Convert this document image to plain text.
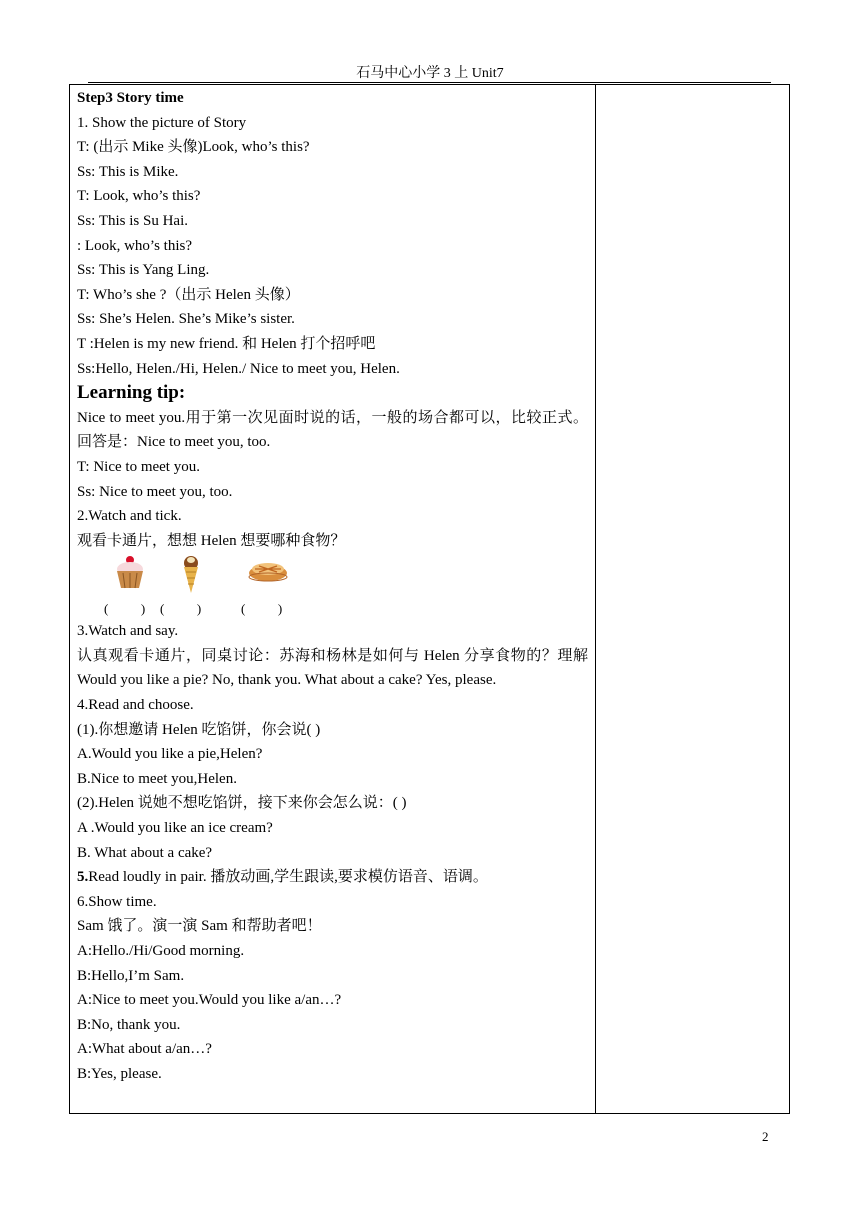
石马中心小学 3 上 Unit7
Step3 Story time
1. Show the picture of Story
T: (出示 Mike 头像)Look, who’s this?
Ss: This is Mike.
T: Look, who’s this?
Ss: This is Su Hai.
: Look, who’s this?
Ss: This is Yang Ling.
T: Who’s she ?（出示 Helen 头像）
Ss: She’s Helen. She’s Mike’s sister.
T :Helen is my new friend. 和 Helen 打个招呼吧
Ss:Hello, Helen./Hi, Helen./ Nice to meet you, Helen.
Learning tip:
Nice to meet you.用于第一次见面时说的话，一般的场合都可以，比较正式。回答是：Nice to meet you, too.
T: Nice to meet you.
Ss: Nice to meet you, too.
2.Watch and tick.
观看卡通片，想想 Helen 想要哪种食物？
(          ) (          )	(          )
3.Watch and say.
认真观看卡通片，同桌讨论：苏海和杨林是如何与 Helen 分享食物的？理解 Would you like a pie? No, thank you. What about a cake? Yes, please.
4.Read and choose.
(1).你想邀请 Helen 吃馅饼，你会说( )
A.Would you like a pie,Helen?
B.Nice to meet you,Helen.
(2).Helen 说她不想吃馅饼，接下来你会怎么说：( )
A .Would you like an ice cream?
B. What about a cake?
5.Read loudly in pair. 播放动画,学生跟读,要求模仿语音、语调。
6.Show time.
Sam 饿了。演一演 Sam 和帮助者吧！
A:Hello./Hi/Good morning.
B:Hello,I’m Sam.
A:Nice to meet you.Would you like a/an…?
B:No, thank you.
A:What about a/an…?
B:Yes, please.
2
